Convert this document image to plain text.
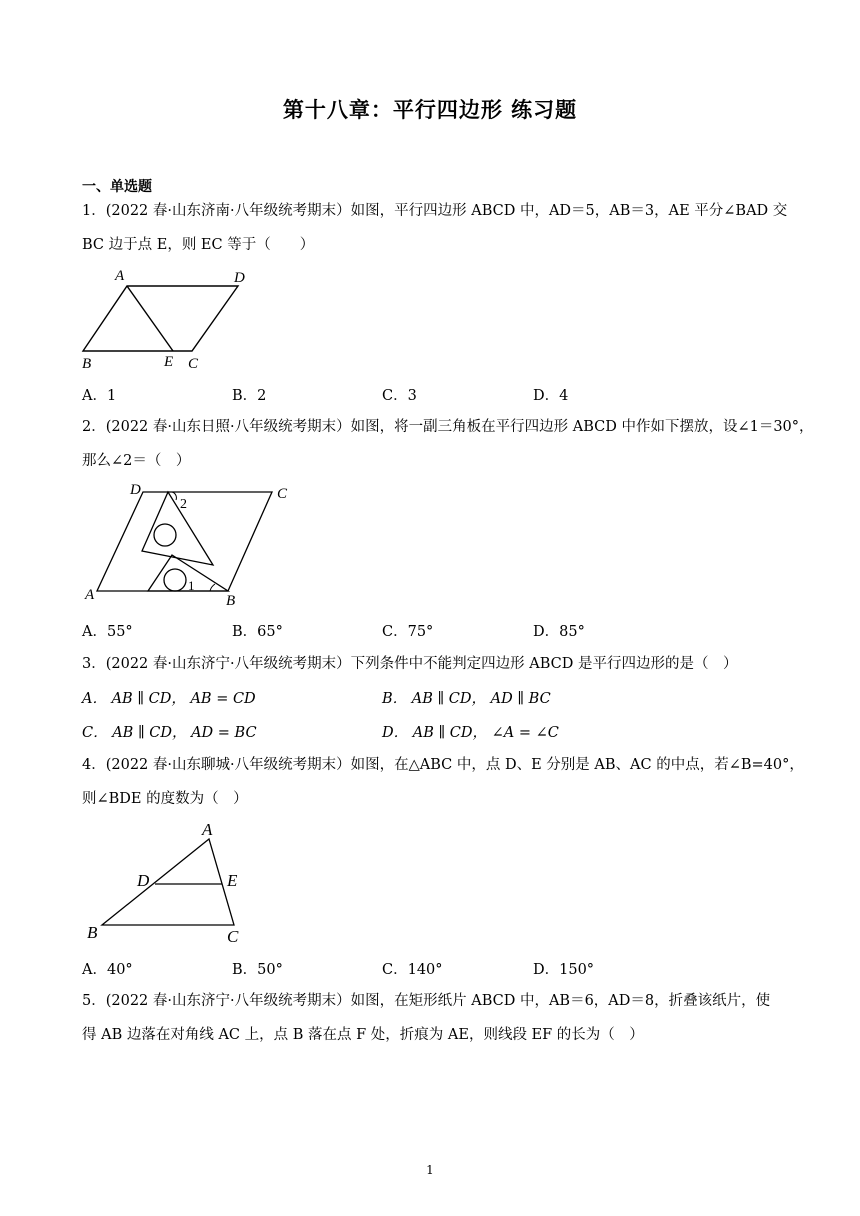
第十八章：平行四边形 练习题
一、单选题
1．(2022 春·山东济南·八年级统考期末）如图，平行四边形 ABCD 中，AD＝5，AB＝3，AE 平分∠BAD 交
BC 边于点 E，则 EC 等于（　　）
A	D
B	E C
A．1	B．2	C．3	D．4
2．(2022 春·山东日照·八年级统考期末）如图，将一副三角板在平行四边形 ABCD 中作如下摆放，设∠1＝30°，
那么∠2＝（　）
D	C
A	B
2
1
A．55°	B．65°	C．75°	D．85°
3．(2022 春·山东济宁·八年级统考期末）下列条件中不能判定四边形 ABCD 是平行四边形的是（　）
A． AB ∥ CD， AB = CD	B． AB ∥ CD， AD ∥ BC
C． AB ∥ CD， AD = BC	D． AB ∥ CD， ∠A = ∠C
4．(2022 春·山东聊城·八年级统考期末）如图，在△ABC 中，点 D、E 分别是 AB、AC 的中点，若∠B=40°，
则∠BDE 的度数为（　）
A
D	E
B	C
A．40°	B．50°	C．140°	D．150°
5．(2022 春·山东济宁·八年级统考期末）如图，在矩形纸片 ABCD 中，AB＝6，AD＝8，折叠该纸片，使
得 AB 边落在对角线 AC 上，点 B 落在点 F 处，折痕为 AE，则线段 EF 的长为（　）
1
